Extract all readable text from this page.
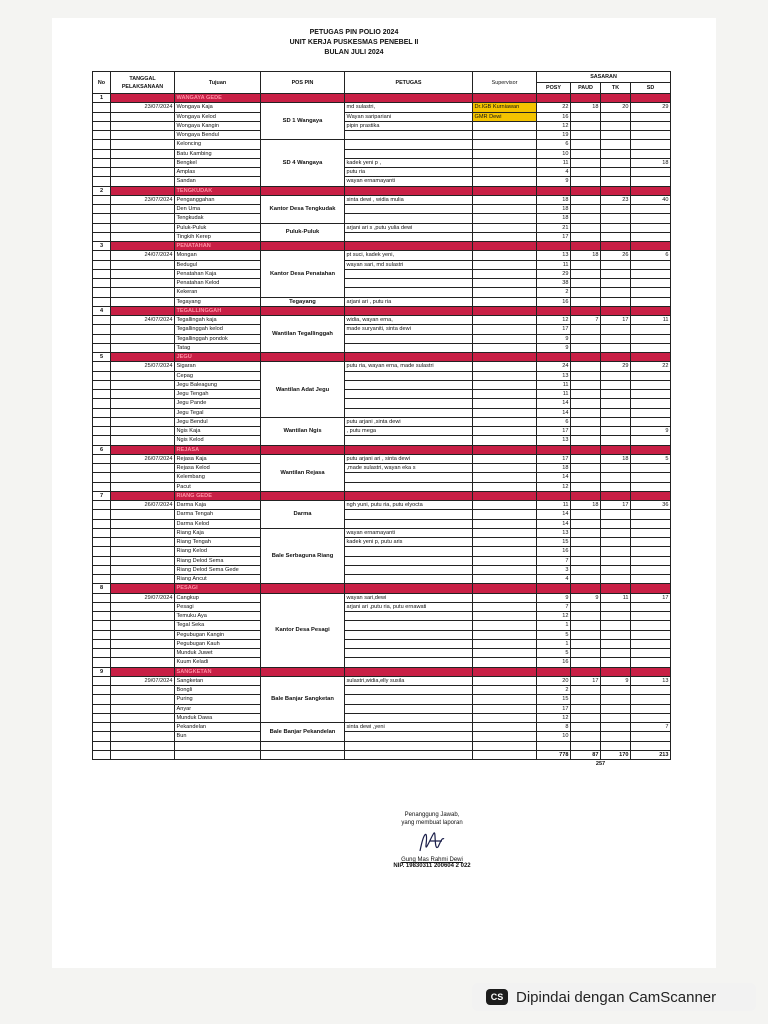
PETUGAS PIN POLIO 2024
UNIT KERJA PUSKESMAS PENEBEL II
BULAN JULI 2024
No	TANGGAL PELAKSANAAN	Tujuan	POS PIN	PETUGAS	Supervisor	SASARAN			
						POSY	PAUD	TK	SD
1		WANGAYA GEDE							
	23/07/2024	Wongaya Kaja	SD 1 Wangaya	md sulastri,	Dr.IGB Kurniawan	22	18	20	29
		Wongaya Kelod		Wayan saripariani	GMR Dewi	16			
		Wongaya Kangin		pipin prastika		12			
		Wongaya Bendul				19			
		Keloncing	SD 4 Wangaya			6			
		Batu Kambing				10			
		Bengkel		kadek yeni p ,		11			18
		Amplas		putu ria		4			
		Sandan		wayan ernamayanti		9			
2		TENGKUDAK							
	23/07/2024	Penganggahan	Kantor Desa Tengkudak	sinta dewi , widia mulia		18		23	40
		Den Uma				18			
		Tengkudak				18			
		Puluk-Puluk	Puluk-Puluk	arjani ari s ,putu yulia dewi		21			
		Tingkih Kerep				17			
3		PENATAHAN							
	24/07/2024	Mongan	Kantor Desa Penatahan	pt suci, kadek yeni,		13	18	26	6
		Bedugul		wayan sari, md sulastri		11			
		Penatahan Kaja				29			
		Penatahan Kelod				38			
		Kekeran				2			
		Tegayang	Tegayang	arjani ari , putu ria		16			
4		TEGALLINGGAH							
	24/07/2024	Tegallingah kaja	Wantilan Tegallinggah	widia, wayan erna,		12	7	17	11
		Tegallinggah kelod		made suryaniti, sinta dewi		17			
		Tegallinggah pondok				9			
		Tatag				9			
5		JEGU							
	25/07/2024	Sigaran	Wantilan Adat Jegu	putu ria, wayan erna, made sulastri		24		29	22
		Cepag				13			
		Jegu Baleagung				11			
		Jegu Tengah				11			
		Jegu Pande				14			
		Jegu Tegal				14			
		Jegu Bendul	Wantilan Ngis	putu arjani ,sinta dewi		6			
		Ngis Kaja		, putu mega		17			9
		Ngis Kelod				13			
6		REJASA							
	26/07/2024	Rejasa Kaja	Wantilan Rejasa	putu arjani ari , sinta dewi		17		18	5
		Rejasa Kelod		,made sulastri, wayan eka s		18			
		Kelembang				14			
		Pacut				12			
7		RIANG GEDE							
	26/07/2024	Darma Kaja	Darma	ngh yuni, putu ria, putu elyocta		11	18	17	36
		Darma Tengah				14			
		Darma Kelod				14			
		Riang Kaja	Bale Serbaguna Riang	wayan ernamayanti		13			
		Riang Tengah		kadek yeni p, putu aris		15			
		Riang Kelod				16			
		Riang Delod Sema				7			
		Riang Delod Sema Gede				3			
		Riang Ancut				4			
8		PESAGI							
	29/07/2024	Cangkup	Kantor Desa Pesagi	wayan sari,dewi		9	9	11	17
		Pesagi		arjani ari ,putu ria, putu ernawati		7			
		Temuku Aya				12			
		Tegal Seka				1			
		Pegubugan Kangin				5			
		Pegubugan Kauh				1			
		Munduk Juwet				5			
		Kuum Keladi				16			
9		SANGKETAN							
	29/07/2024	Sangketan	Bale Banjar Sangketan	sulastri,widia,elly susila		20	17	9	13
		Bongli				2			
		Puring				15			
		Anyar				17			
		Munduk Dawa				12			
		Pekandelan	Bale Banjar Pekandelan	sinta dewi ,yeni		8			7
		Bun				10			

						778	87	170	213
							257		
Penanggung Jawab,
yang membuat laporan
Gung Mas Rahmi Dewi
NIP. 19830311 200604 2 022
CS Dipindai dengan CamScanner
